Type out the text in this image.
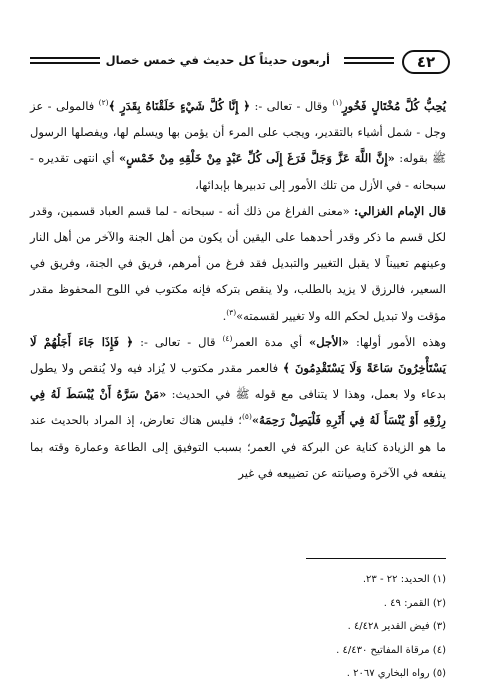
٤٢
أربعون حديثاً كل حديث في خمس خصال

يُحِبُّ كُلَّ مُخْتَالٍ فَخُورٍ$^{(١)}$ وقال - تعالى -: ﴿ إِنَّا كُلَّ شَيْءٍ خَلَقْنَاهُ بِقَدَرٍ ﴾$^{(٢)}$ فالمولى - عز وجل - شمل أشياء بالتقدير، ويجب على المرء أن يؤمن بها ويسلم لها، ويفصلها الرسول ﷺ بقوله: «إِنَّ اللَّهَ عَزَّ وَجَلَّ فَرَغَ إِلَى كُلِّ عَبْدٍ مِنْ خَلْقِهِ مِنْ خَمْسٍ» أي انتهى تقديره - سبحانه - في الأزل من تلك الأمور إلى تدبيرها بإبدائها،

قال الإمام الغزالي: «معنى الفراغ من ذلك أنه - سبحانه - لما قسم العباد قسمين، وقدر لكل قسم ما ذكر وقدر أحدهما على اليقين أن يكون من أهل الجنة والآخر من أهل النار وعينهم تعييناً لا يقبل التغيير والتبديل فقد فرغ من أمرهم، فريق في الجنة، وفريق في السعير، فالرزق لا يزيد بالطلب، ولا ينقص بتركه فإنه مكتوب في اللوح المحفوظ مقدر مؤقت ولا تبديل لحكم الله ولا تغيير لقسمته»$^{(٣)}$.

وهذه الأمور أولها: «الأجل» أي مدة العمر$^{(٤)}$ قال - تعالى -: ﴿ فَإِذَا جَاءَ أَجَلُهُمْ لَا يَسْتَأْخِرُونَ سَاعَةً وَلَا يَسْتَقْدِمُونَ ﴾ فالعمر مقدر مكتوب لا يُزاد فيه ولا يُنقص ولا يطول بدعاء ولا بعمل، وهذا لا يتنافى مع قوله ﷺ في الحديث: «مَنْ سَرَّهُ أَنْ يُبْسَطَ لَهُ فِي رِزْقِهِ أَوْ يُنْسَأَ لَهُ فِي أَثَرِهِ فَلْيَصِلْ رَحِمَهُ»$^{(٥)}$؛ فليس هناك تعارض، إذ المراد بالحديث عند ما هو الزيادة كناية عن البركة في العمر؛ بسبب التوفيق إلى الطاعة وعمارة وقته بما ينفعه في الآخرة وصيانته عن تضييعه في غير

(١) الحديد: ٢٢ - ٢٣.
(٢) القمر: ٤٩ .
(٣) فيض القدير ٤/٤٢٨ .
(٤) مرقاة المفاتيح ٤/٤٣٠ .
(٥) رواه البخاري ٢٠٦٧ .
